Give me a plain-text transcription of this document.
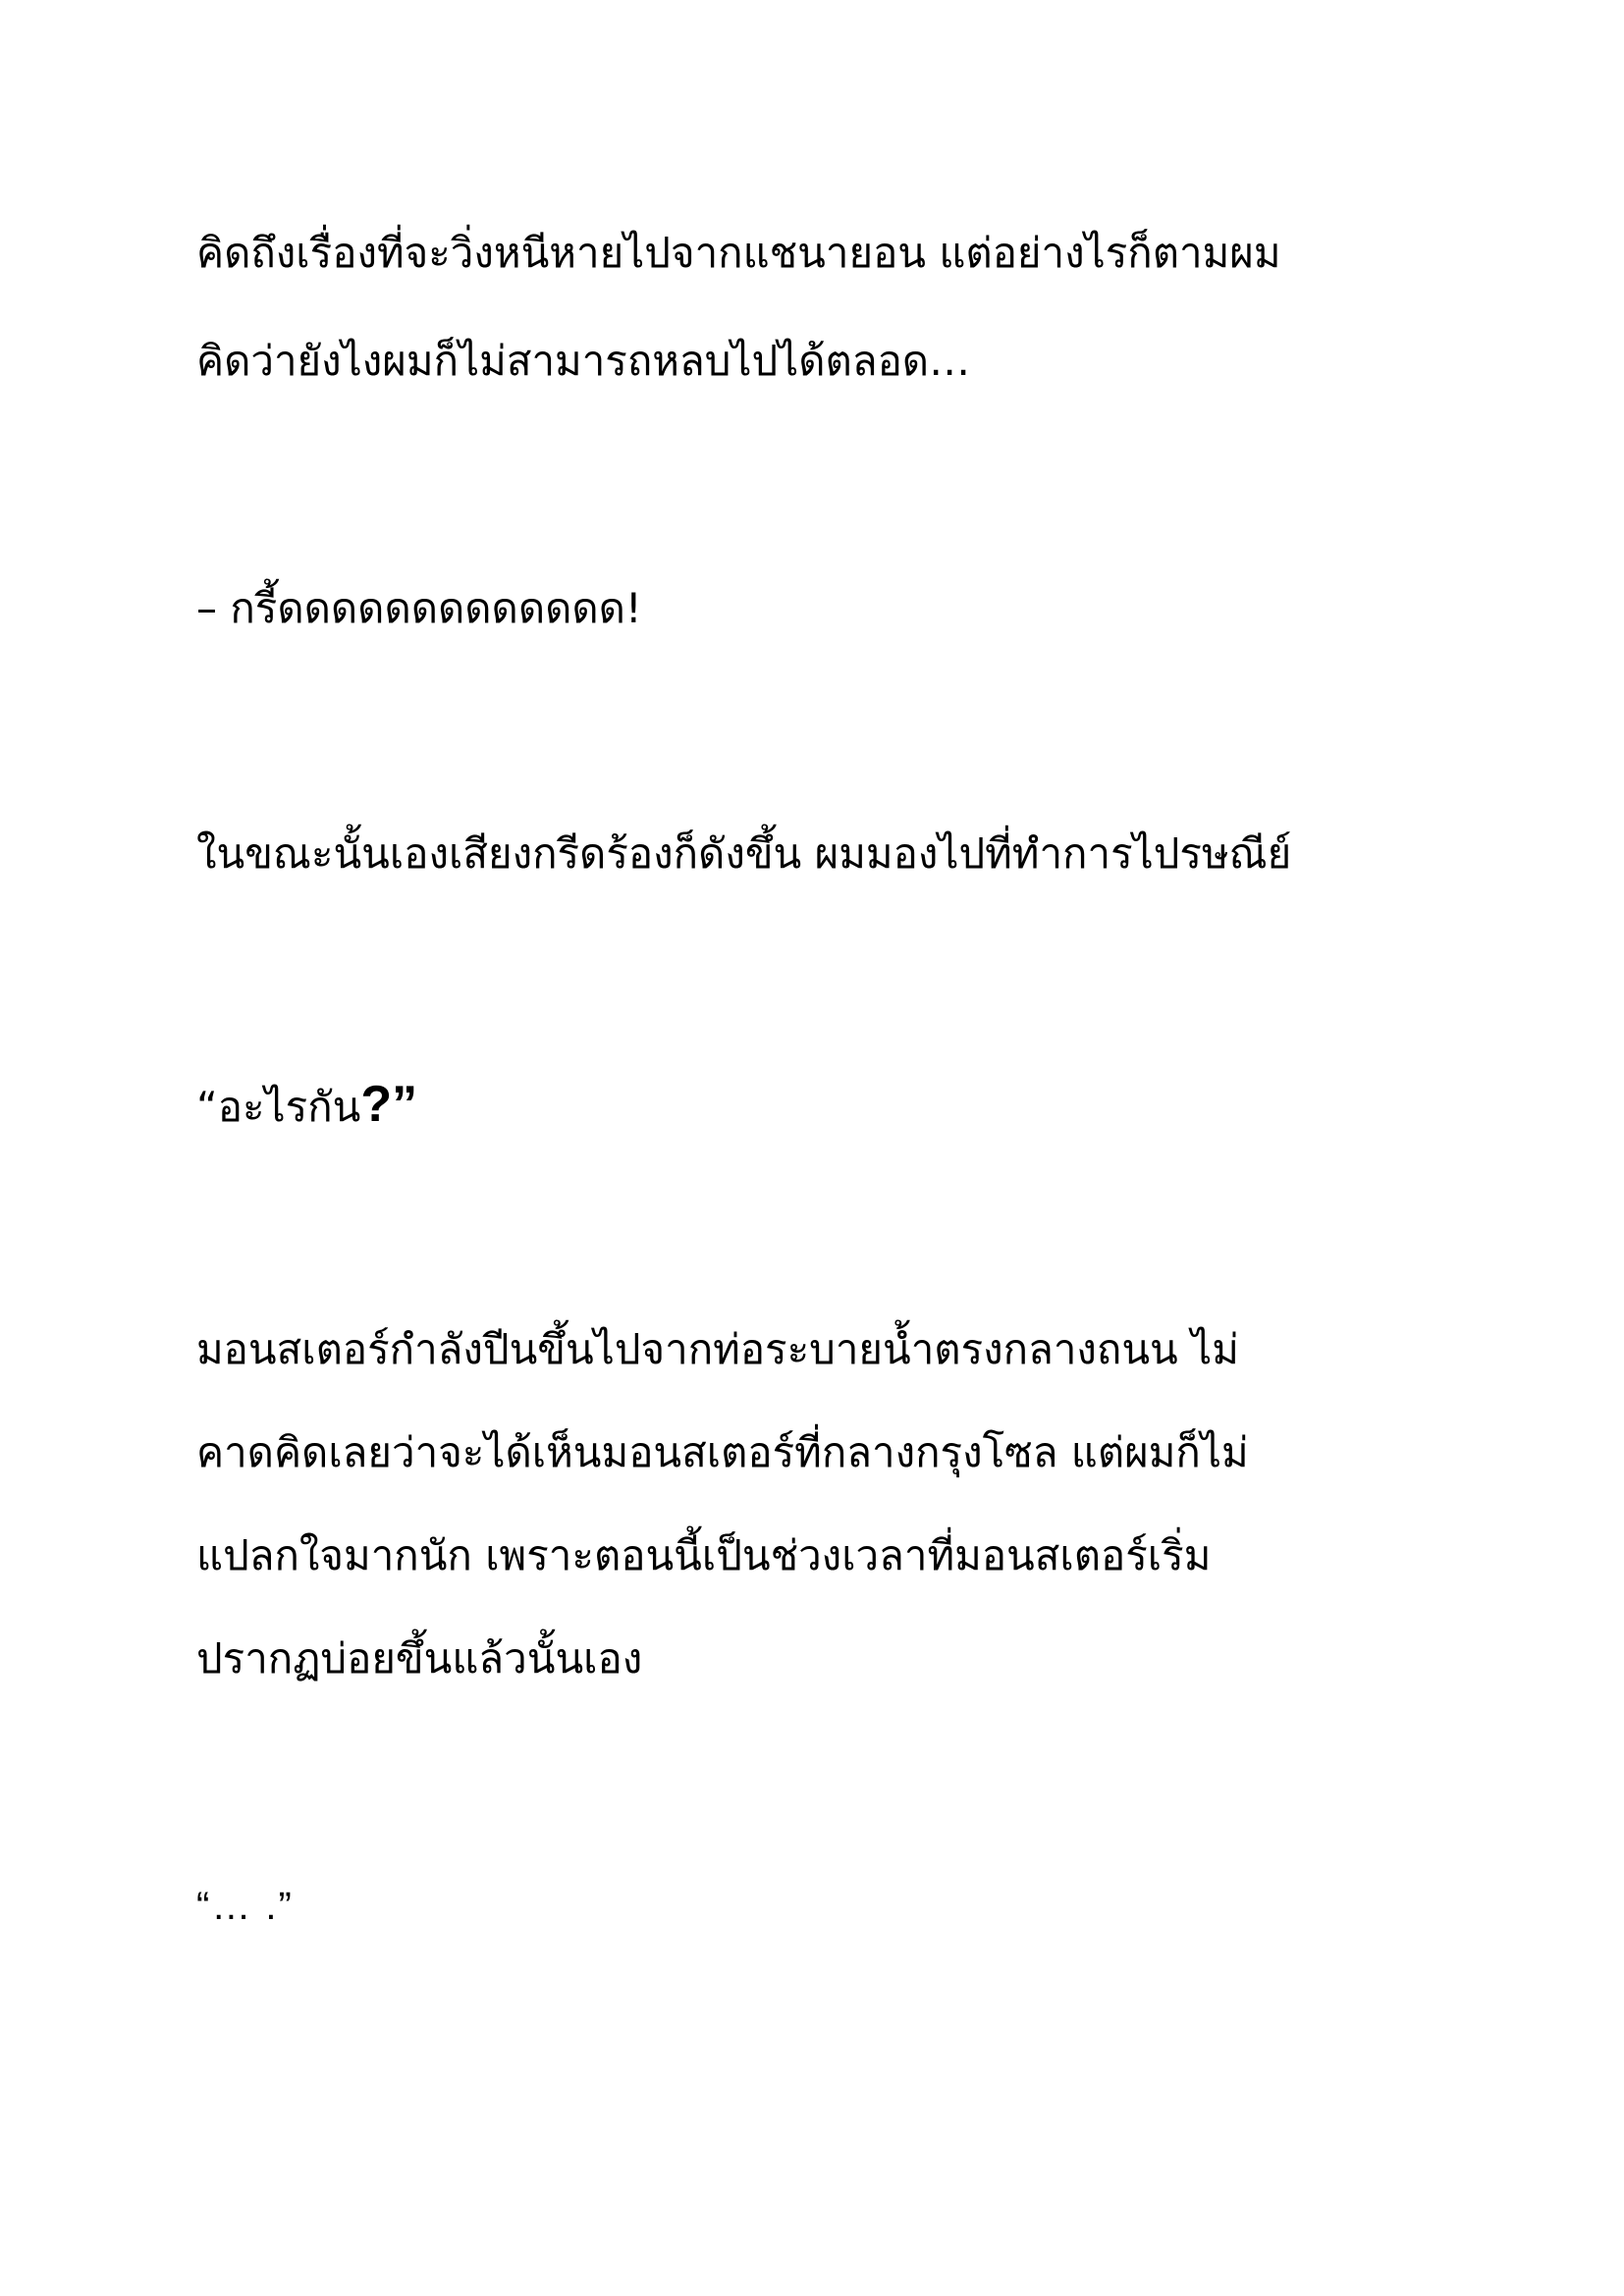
คิดถึงเรื่องที่จะวิ่งหนีหายไปจากแชนายอน แต่อย่างไรก็ตามผม

คิดว่ายังไงผมก็ไม่สามารถหลบไปได้ตลอด…

– กรี้ดดดดดดดดดดดดด!

ในขณะนั้นเองเสียงกรีดร้องก็ดังขึ้น ผมมองไปที่ทำการไปรษณีย์

“อะไรกัน?”

มอนสเตอร์กำลังปีนขึ้นไปจากท่อระบายน้ำตรงกลางถนน ไม่

คาดคิดเลยว่าจะได้เห็นมอนสเตอร์ที่กลางกรุงโซล แต่ผมก็ไม่

แปลกใจมากนัก เพราะตอนนี้เป็นช่วงเวลาที่มอนสเตอร์เริ่ม

ปรากฏบ่อยขึ้นแล้วนั้นเอง

“… .”
